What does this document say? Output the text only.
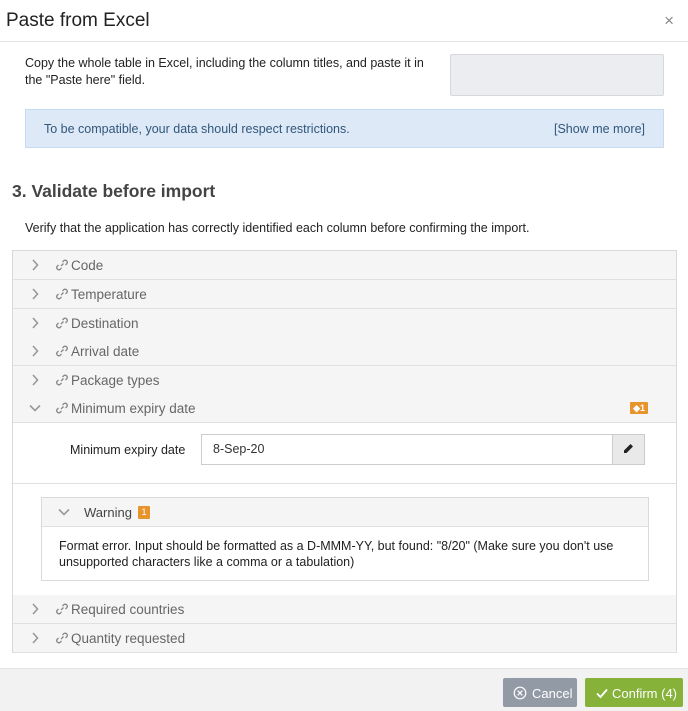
Paste from Excel	×
Copy the whole table in Excel, including the column titles, and paste it in the "Paste here" field.
To be compatible, your data should respect restrictions.	[Show me more]
3. Validate before import
Verify that the application has correctly identified each column before confirming the import.
Code
Temperature
Destination
Arrival date
Package types
Minimum expiry date	◆1
Minimum expiry date	8-Sep-20
Warning	1
Format error. Input should be formatted as a D-MMM-YY, but found: "8/20" (Make sure you don't use unsupported characters like a comma or a tabulation)
Required countries
Quantity requested
Cancel	Confirm (4)
